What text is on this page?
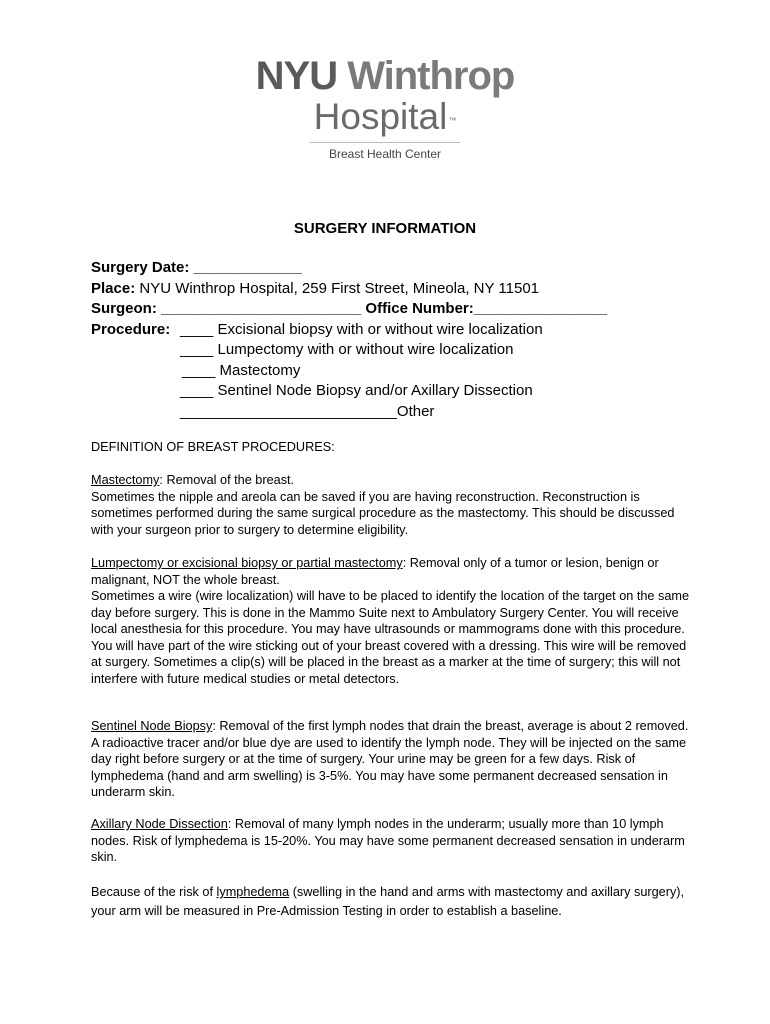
NYU Winthrop
Hospital™
Breast Health Center
SURGERY INFORMATION
Surgery Date: _____________
Place: NYU Winthrop Hospital, 259 First Street, Mineola, NY 11501
Surgeon: ________________________ Office Number:________________
Procedure: ____ Excisional biopsy with or without wire localization
____ Lumpectomy with or without wire localization
____ Mastectomy
____ Sentinel Node Biopsy and/or Axillary Dissection
__________________________Other
DEFINITION OF BREAST PROCEDURES:

Mastectomy: Removal of the breast.
Sometimes the nipple and areola can be saved if you are having reconstruction. Reconstruction is sometimes performed during the same surgical procedure as the mastectomy. This should be discussed with your surgeon prior to surgery to determine eligibility.

Lumpectomy or excisional biopsy or partial mastectomy: Removal only of a tumor or lesion, benign or malignant, NOT the whole breast.
Sometimes a wire (wire localization) will have to be placed to identify the location of the target on the same day before surgery. This is done in the Mammo Suite next to Ambulatory Surgery Center. You will receive local anesthesia for this procedure. You may have ultrasounds or mammograms done with this procedure. You will have part of the wire sticking out of your breast covered with a dressing. This wire will be removed at surgery. Sometimes a clip(s) will be placed in the breast as a marker at the time of surgery; this will not interfere with future medical studies or metal detectors.

Sentinel Node Biopsy: Removal of the first lymph nodes that drain the breast, average is about 2 removed. A radioactive tracer and/or blue dye are used to identify the lymph node. They will be injected on the same day right before surgery or at the time of surgery. Your urine may be green for a few days. Risk of lymphedema (hand and arm swelling) is 3-5%. You may have some permanent decreased sensation in underarm skin.

Axillary Node Dissection: Removal of many lymph nodes in the underarm; usually more than 10 lymph nodes. Risk of lymphedema is 15-20%. You may have some permanent decreased sensation in underarm skin.

Because of the risk of lymphedema (swelling in the hand and arms with mastectomy and axillary surgery), your arm will be measured in Pre-Admission Testing in order to establish a baseline.
